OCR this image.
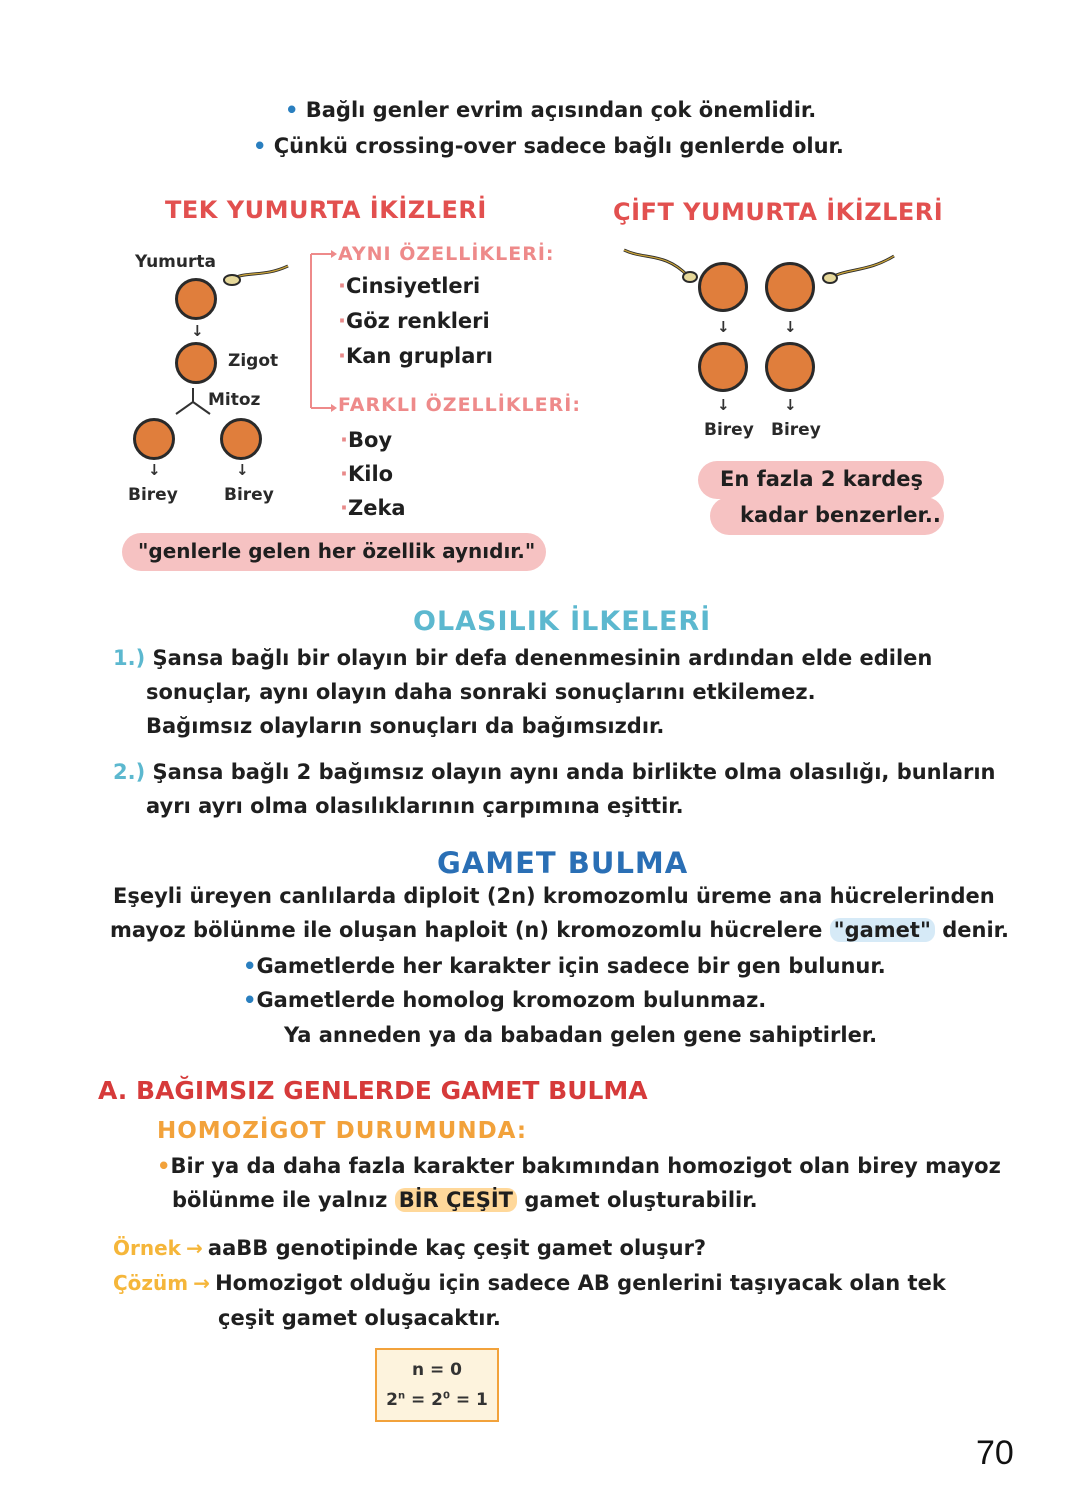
• Bağlı genler evrim açısından çok önemlidir.
• Çünkü crossing-over sadece bağlı genlerde olur.
TEK YUMURTA İKİZLERİ
Yumurta
↓
Zigot
Mitoz
↓	↓
Birey	Birey
AYNI ÖZELLİKLERİ:
·Cinsiyetleri
·Göz renkleri
·Kan grupları
FARKLI ÖZELLİKLERİ:
·Boy
·Kilo
·Zeka
"genlerle gelen her özellik aynıdır."
ÇİFT YUMURTA İKİZLERİ
↓	↓
↓	↓
Birey Birey
En fazla 2 kardeş
kadar benzerler..
OLASILIK İLKELERİ
1.) Şansa bağlı bir olayın bir defa denenmesinin ardından elde edilen
sonuçlar, aynı olayın daha sonraki sonuçlarını etkilemez.
Bağımsız olayların sonuçları da bağımsızdır.
2.) Şansa bağlı 2 bağımsız olayın aynı anda birlikte olma olasılığı, bunların
ayrı ayrı olma olasılıklarının çarpımına eşittir.
GAMET BULMA
Eşeyli üreyen canlılarda diploit (2n) kromozomlu üreme ana hücrelerinden
mayoz bölünme ile oluşan haploit (n) kromozomlu hücrelere "gamet" denir.
•Gametlerde her karakter için sadece bir gen bulunur.
•Gametlerde homolog kromozom bulunmaz.
Ya anneden ya da babadan gelen gene sahiptirler.
A. BAĞIMSIZ GENLERDE GAMET BULMA
HOMOZİGOT DURUMUNDA:
•Bir ya da daha fazla karakter bakımından homozigot olan birey mayoz
bölünme ile yalnız BİR ÇEŞİT gamet oluşturabilir.
Örnek → aaBB genotipinde kaç çeşit gamet oluşur?
Çözüm → Homozigot olduğu için sadece AB genlerini taşıyacak olan tek
çeşit gamet oluşacaktır.
n = 0
$2^n = 2^0 = 1$
70
